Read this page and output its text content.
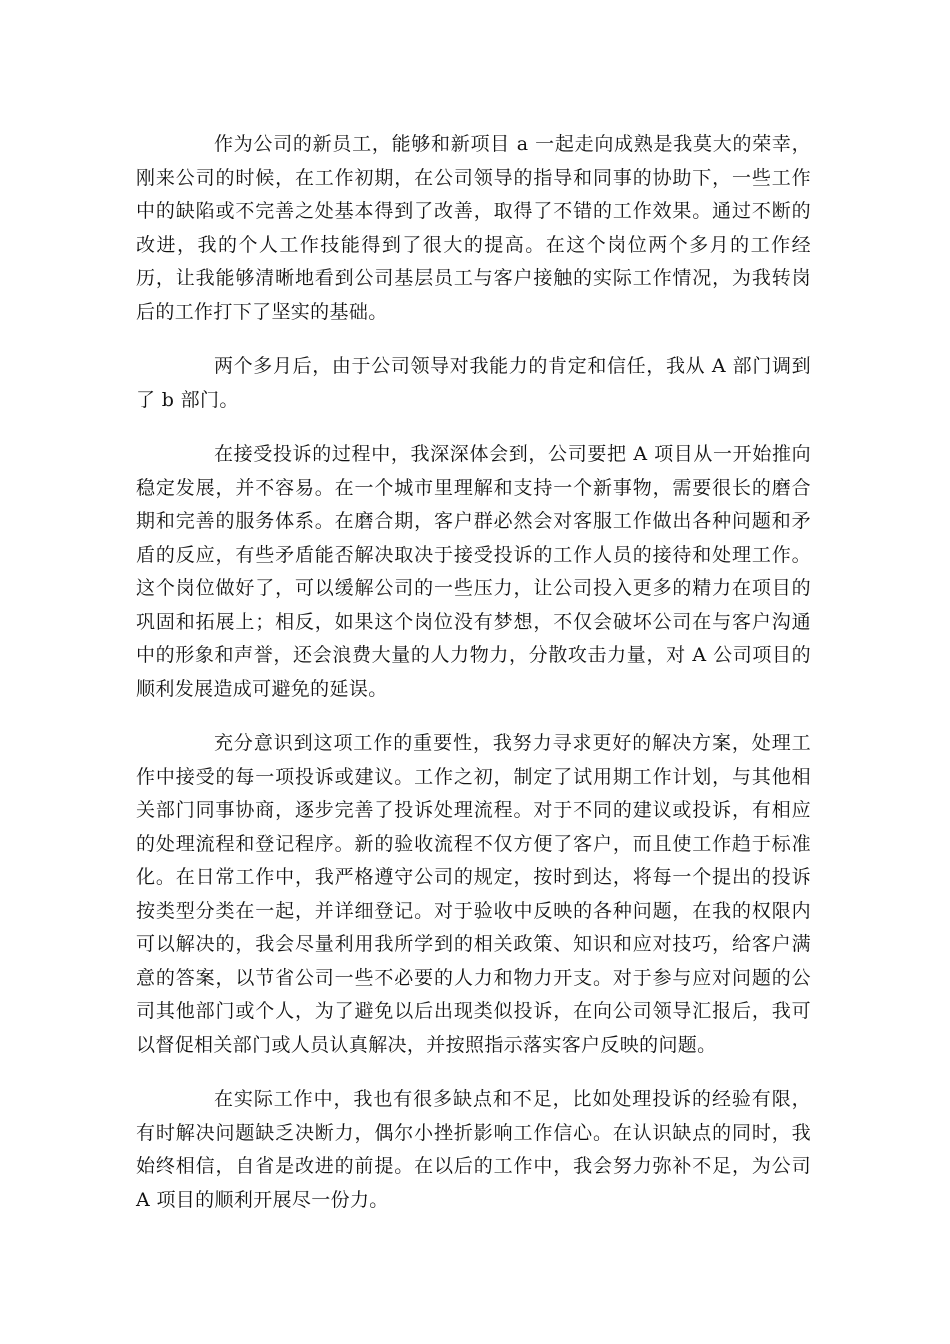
作为公司的新员工，能够和新项目 a 一起走向成熟是我莫大的荣幸，刚来公司的时候，在工作初期，在公司领导的指导和同事的协助下，一些工作中的缺陷或不完善之处基本得到了改善，取得了不错的工作效果。通过不断的改进，我的个人工作技能得到了很大的提高。在这个岗位两个多月的工作经历，让我能够清晰地看到公司基层员工与客户接触的实际工作情况，为我转岗后的工作打下了坚实的基础。

两个多月后，由于公司领导对我能力的肯定和信任，我从 A 部门调到了 b 部门。

在接受投诉的过程中，我深深体会到，公司要把 A 项目从一开始推向稳定发展，并不容易。在一个城市里理解和支持一个新事物，需要很长的磨合期和完善的服务体系。在磨合期，客户群必然会对客服工作做出各种问题和矛盾的反应，有些矛盾能否解决取决于接受投诉的工作人员的接待和处理工作。这个岗位做好了，可以缓解公司的一些压力，让公司投入更多的精力在项目的巩固和拓展上；相反，如果这个岗位没有梦想，不仅会破坏公司在与客户沟通中的形象和声誉，还会浪费大量的人力物力，分散攻击力量，对 A 公司项目的顺利发展造成可避免的延误。

充分意识到这项工作的重要性，我努力寻求更好的解决方案，处理工作中接受的每一项投诉或建议。工作之初，制定了试用期工作计划，与其他相关部门同事协商，逐步完善了投诉处理流程。对于不同的建议或投诉，有相应的处理流程和登记程序。新的验收流程不仅方便了客户，而且使工作趋于标准化。在日常工作中，我严格遵守公司的规定，按时到达，将每一个提出的投诉按类型分类在一起，并详细登记。对于验收中反映的各种问题，在我的权限内可以解决的，我会尽量利用我所学到的相关政策、知识和应对技巧，给客户满意的答案，以节省公司一些不必要的人力和物力开支。对于参与应对问题的公司其他部门或个人，为了避免以后出现类似投诉，在向公司领导汇报后，我可以督促相关部门或人员认真解决，并按照指示落实客户反映的问题。

在实际工作中，我也有很多缺点和不足，比如处理投诉的经验有限，有时解决问题缺乏决断力，偶尔小挫折影响工作信心。在认识缺点的同时，我始终相信，自省是改进的前提。在以后的工作中，我会努力弥补不足，为公司 A 项目的顺利开展尽一份力。
